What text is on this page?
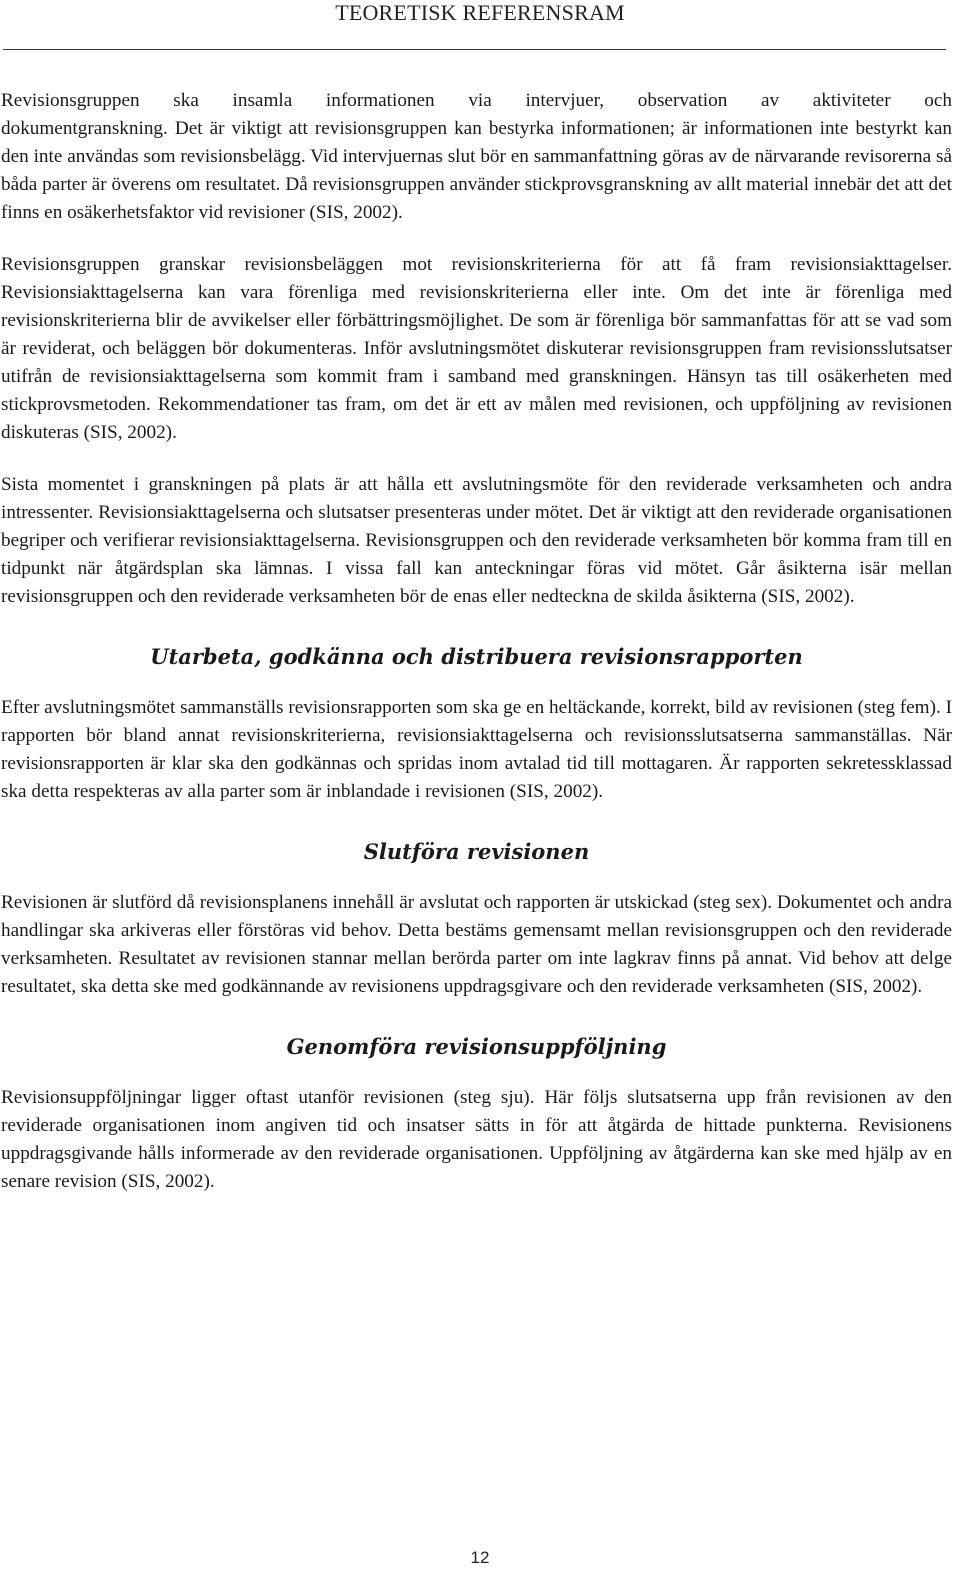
TEORETISK REFERENSRAM

Revisionsgruppen ska insamla informationen via intervjuer, observation av aktiviteter och
dokumentgranskning. Det är viktigt att revisionsgruppen kan bestyrka informationen; är informationen inte bestyrkt kan den inte användas som revisionsbelägg. Vid intervjuernas slut bör en sammanfattning göras av de närvarande revisorerna så båda parter är överens om resultatet. Då revisionsgruppen använder stickprovsgranskning av allt material innebär det att det finns en osäkerhetsfaktor vid revisioner (SIS, 2002).

Revisionsgruppen granskar revisionsbeläggen mot revisionskriterierna för att få fram revisionsiakttagelser. Revisionsiakttagelserna kan vara förenliga med revisionskriterierna eller inte. Om det inte är förenliga med revisionskriterierna blir de avvikelser eller förbättringsmöjlighet. De som är förenliga bör sammanfattas för att se vad som är reviderat, och beläggen bör dokumenteras. Inför avslutningsmötet diskuterar revisionsgruppen fram revisionsslutsatser utifrån de revisionsiakttagelserna som kommit fram i samband med granskningen. Hänsyn tas till osäkerheten med stickprovsmetoden. Rekommendationer tas fram, om det är ett av målen med revisionen, och uppföljning av revisionen diskuteras (SIS, 2002).

Sista momentet i granskningen på plats är att hålla ett avslutningsmöte för den reviderade verksamheten och andra intressenter. Revisionsiakttagelserna och slutsatser presenteras under mötet. Det är viktigt att den reviderade organisationen begriper och verifierar revisionsiakttagelserna. Revisionsgruppen och den reviderade verksamheten bör komma fram till en tidpunkt när åtgärdsplan ska lämnas. I vissa fall kan anteckningar föras vid mötet. Går åsikterna isär mellan revisionsgruppen och den reviderade verksamheten bör de enas eller nedteckna de skilda åsikterna (SIS, 2002).

Utarbeta, godkänna och distribuera revisionsrapporten

Efter avslutningsmötet sammanställs revisionsrapporten som ska ge en heltäckande, korrekt, bild av revisionen (steg fem). I rapporten bör bland annat revisionskriterierna, revisionsiakttagelserna och revisionsslutsatserna sammanställas. När revisionsrapporten är klar ska den godkännas och spridas inom avtalad tid till mottagaren. Är rapporten sekretessklassad ska detta respekteras av alla parter som är inblandade i revisionen (SIS, 2002).

Slutföra revisionen

Revisionen är slutförd då revisionsplanens innehåll är avslutat och rapporten är utskickad (steg sex). Dokumentet och andra handlingar ska arkiveras eller förstöras vid behov. Detta bestäms gemensamt mellan revisionsgruppen och den reviderade verksamheten. Resultatet av revisionen stannar mellan berörda parter om inte lagkrav finns på annat. Vid behov att delge resultatet, ska detta ske med godkännande av revisionens uppdragsgivare och den reviderade verksamheten (SIS, 2002).

Genomföra revisionsuppföljning

Revisionsuppföljningar ligger oftast utanför revisionen (steg sju). Här följs slutsatserna upp från revisionen av den reviderade organisationen inom angiven tid och insatser sätts in för att åtgärda de hittade punkterna. Revisionens uppdragsgivande hålls informerade av den reviderade organisationen. Uppföljning av åtgärderna kan ske med hjälp av en senare revision (SIS, 2002).

12
